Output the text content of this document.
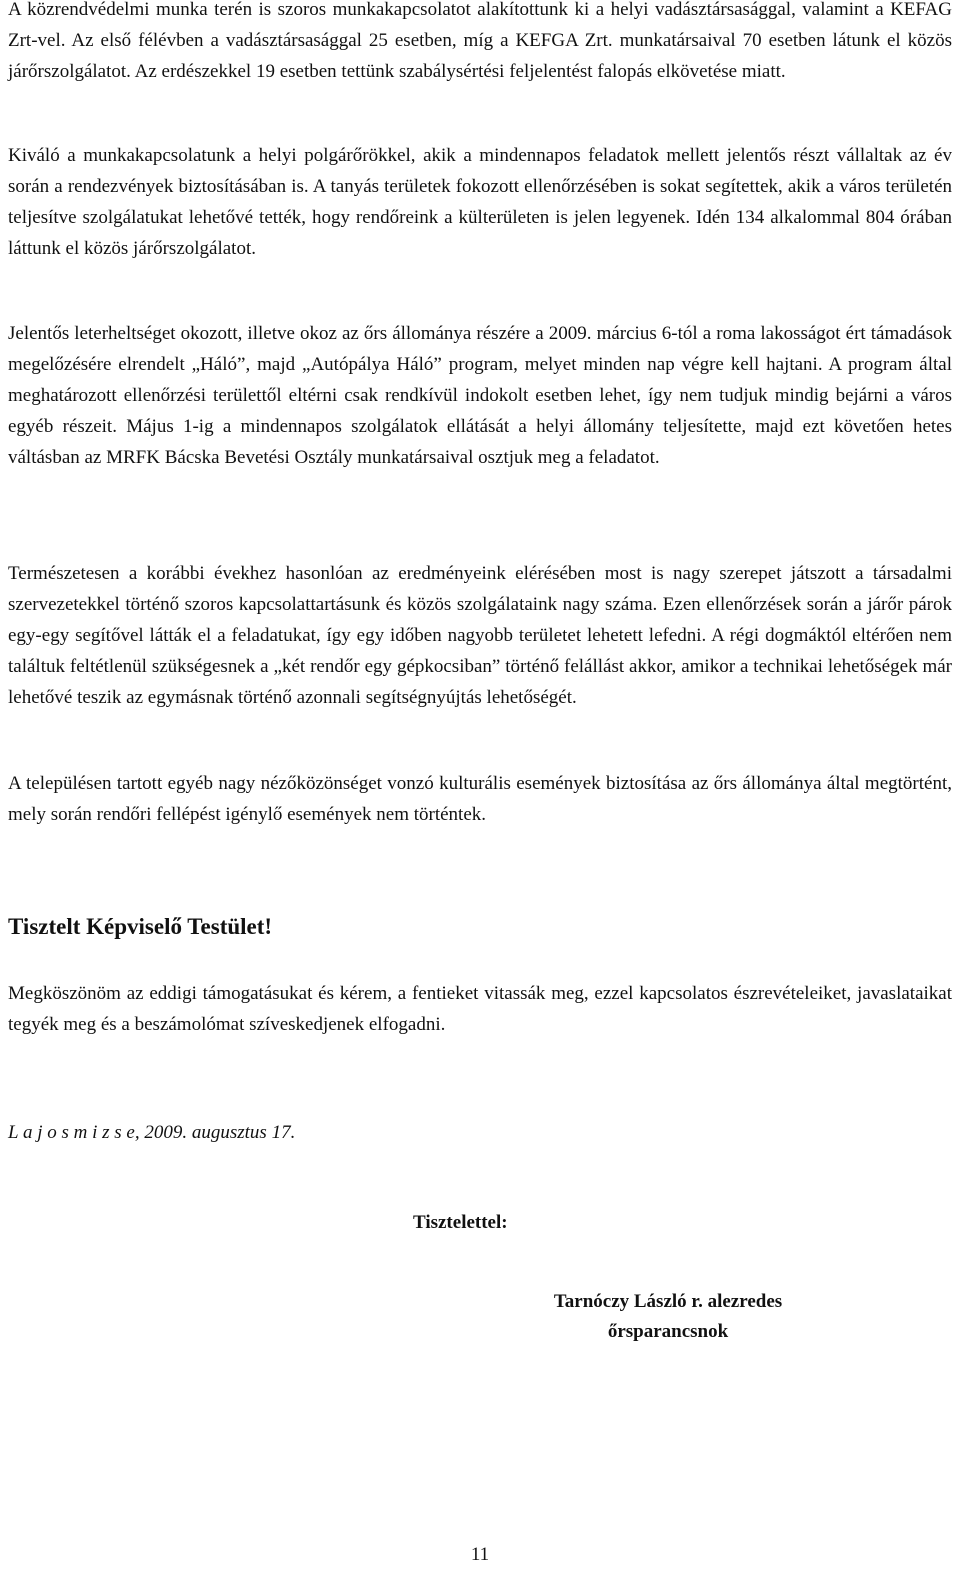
A közrendvédelmi munka terén is szoros munkakapcsolatot alakítottunk ki a helyi vadásztársasággal, valamint a KEFAG Zrt-vel. Az első félévben a vadásztársasággal 25 esetben, míg a KEFGA Zrt. munkatársaival 70 esetben látunk el közös járőrszolgálatot. Az erdészekkel 19 esetben tettünk szabálysértési feljelentést falopás elkövetése miatt.

Kiváló a munkakapcsolatunk a helyi polgárőrökkel, akik a mindennapos feladatok mellett jelentős részt vállaltak az év során a rendezvények biztosításában is. A tanyás területek fokozott ellenőrzésében is sokat segítettek, akik a város területén teljesítve szolgálatukat lehetővé tették, hogy rendőreink a külterületen is jelen legyenek. Idén 134 alkalommal 804 órában láttunk el közös járőrszolgálatot.

Jelentős leterheltséget okozott, illetve okoz az őrs állománya részére a 2009. március 6-tól a roma lakosságot ért támadások megelőzésére elrendelt „Háló”, majd „Autópálya Háló” program, melyet minden nap végre kell hajtani. A program által meghatározott ellenőrzési területtől eltérni csak rendkívül indokolt esetben lehet, így nem tudjuk mindig bejárni a város egyéb részeit. Május 1-ig a mindennapos szolgálatok ellátását a helyi állomány teljesítette, majd ezt követően hetes váltásban az MRFK Bácska Bevetési Osztály munkatársaival osztjuk meg a feladatot.

Természetesen a korábbi évekhez hasonlóan az eredményeink elérésében most is nagy szerepet játszott a társadalmi szervezetekkel történő szoros kapcsolattartásunk és közös szolgálataink nagy száma. Ezen ellenőrzések során a járőr párok egy-egy segítővel látták el a feladatukat, így egy időben nagyobb területet lehetett lefedni. A régi dogmáktól eltérően nem találtuk feltétlenül szükségesnek a „két rendőr egy gépkocsiban” történő felállást akkor, amikor a technikai lehetőségek már lehetővé teszik az egymásnak történő azonnali segítségnyújtás lehetőségét.

A településen tartott egyéb nagy nézőközönséget vonzó kulturális események biztosítása az őrs állománya által megtörtént, mely során rendőri fellépést igénylő események nem történtek.

Tisztelt Képviselő Testület!

Megköszönöm az eddigi támogatásukat és kérem, a fentieket vitassák meg, ezzel kapcsolatos észrevételeiket, javaslataikat tegyék meg és a beszámolómat szíveskedjenek elfogadni.

L a j o s m i z s e, 2009. augusztus 17.

Tisztelettel:

Tarnóczy László r. alezredes
őrsparancsnok

11
